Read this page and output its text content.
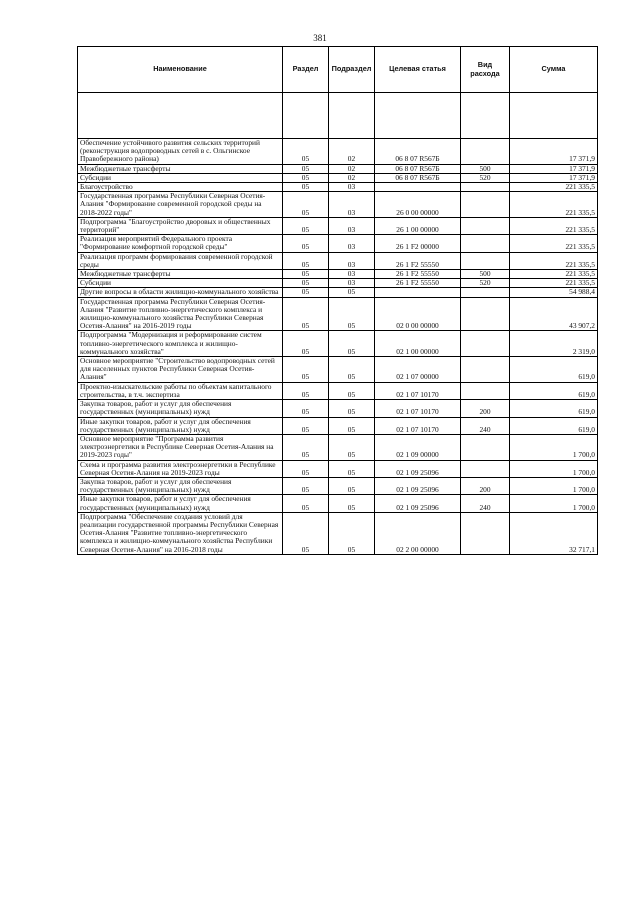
381
Наименование	Раздел	Подраздел	Целевая статья	Вид расхода	Сумма

Обеспечение устойчивого развития сельских территорий (реконструкция водопроводных сетей в с. Ольгинское Правобережного района)	05	02	06 8 07 R567Б		17 371,9
Межбюджетные трансферты	05	02	06 8 07 R567Б	500	17 371,9
Субсидии	05	02	06 8 07 R567Б	520	17 371,9
Благоустройство	05	03			221 335,5
Государственная программа Республики Северная Осетия-Алания "Формирование современной городской среды на 2018-2022 годы"	05	03	26 0 00 00000		221 335,5
Подпрограмма "Благоустройство дворовых и общественных территорий"	05	03	26 1 00 00000		221 335,5
Реализация мероприятий Федерального проекта "Формирование комфортной городской среды"	05	03	26 1 F2 00000		221 335,5
Реализация программ формирования современной городской среды	05	03	26 1 F2 55550		221 335,5
Межбюджетные трансферты	05	03	26 1 F2 55550	500	221 335,5
Субсидии	05	03	26 1 F2 55550	520	221 335,5
Другие вопросы в области жилищно-коммунального хозяйства	05	05			54 988,4
Государственная программа Республики Северная Осетия-Алания "Развитие топливно-энергетического комплекса и жилищно-коммунального хозяйства Республики Северная Осетия-Алания" на 2016-2019 годы	05	05	02 0 00 00000		43 907,2
Подпрограмма "Модернизация и реформирование систем топливно-энергетического комплекса и жилищно-коммунального хозяйства"	05	05	02 1 00 00000		2 319,0
Основное мероприятие "Строительство водопроводных сетей для населенных пунктов Республики Северная Осетия-Алания"	05	05	02 1 07 00000		619,0
Проектно-изыскательские работы по объектам капитального строительства, в т.ч. экспертиза	05	05	02 1 07 10170		619,0
Закупка товаров, работ и услуг для обеспечения государственных (муниципальных) нужд	05	05	02 1 07 10170	200	619,0
Иные закупки товаров, работ и услуг для обеспечения государственных (муниципальных) нужд	05	05	02 1 07 10170	240	619,0
Основное мероприятие "Программа развития электроэнергетики в Республике Северная Осетия-Алания на 2019-2023 годы"	05	05	02 1 09 00000		1 700,0
Схема и программа развития электроэнергетики в Республике Северная Осетия-Алания на 2019-2023 годы	05	05	02 1 09 25096		1 700,0
Закупка товаров, работ и услуг для обеспечения государственных (муниципальных) нужд	05	05	02 1 09 25096	200	1 700,0
Иные закупки товаров, работ и услуг для обеспечения государственных (муниципальных) нужд	05	05	02 1 09 25096	240	1 700,0
Подпрограмма "Обеспечение создания условий для реализации государственной программы Республики Северная Осетия-Алания "Развитие топливно-энергетического комплекса и жилищно-коммунального хозяйства Республики Северная Осетия-Алания" на 2016-2018 годы	05	05	02 2 00 00000		32 717,1
